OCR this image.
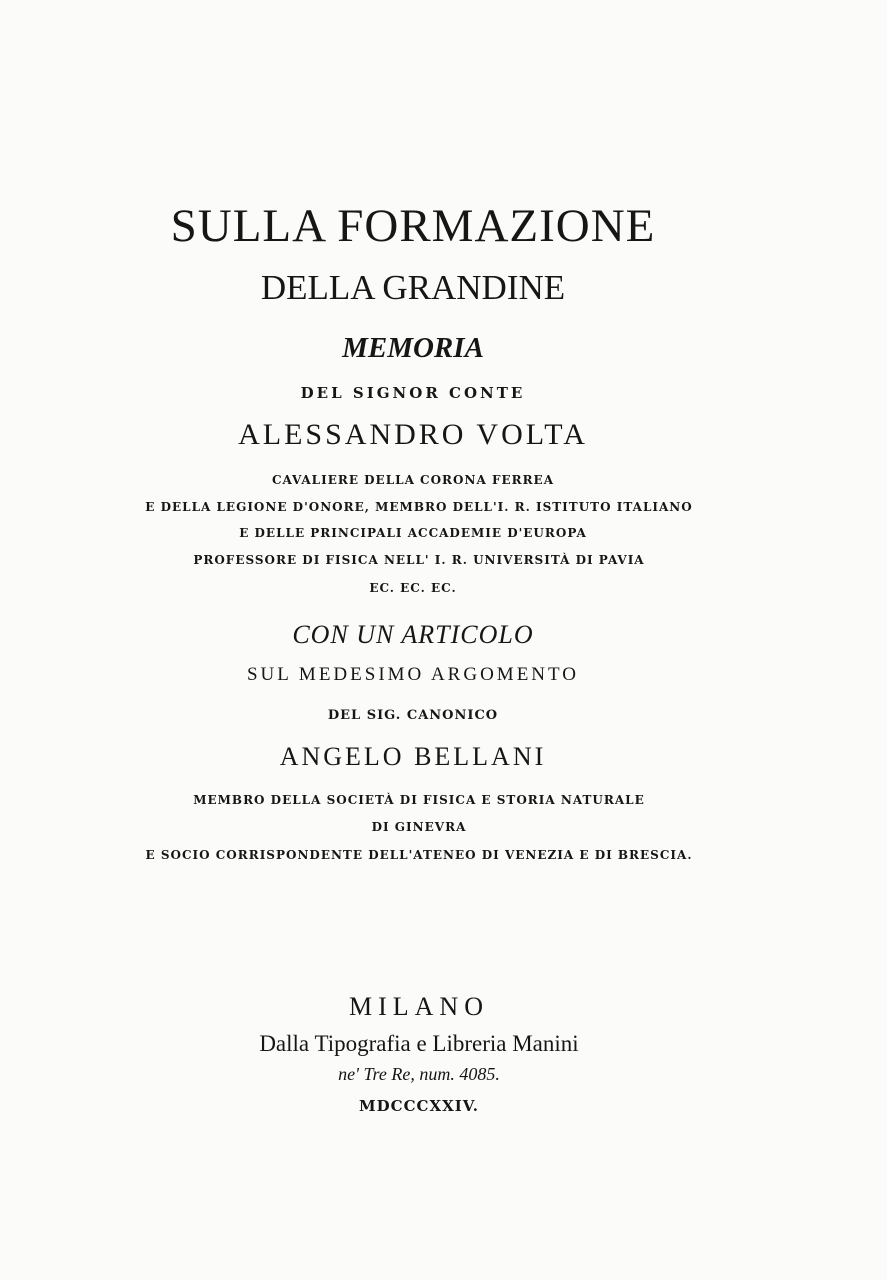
SULLA FORMAZIONE
DELLA GRANDINE
MEMORIA
DEL SIGNOR CONTE
ALESSANDRO VOLTA
CAVALIERE DELLA CORONA FERREA
E DELLA LEGIONE D'ONORE, MEMBRO DELL'I. R. ISTITUTO ITALIANO
E DELLE PRINCIPALI ACCADEMIE D'EUROPA
PROFESSORE DI FISICA NELL' I. R. UNIVERSITÀ DI PAVIA
EC. EC. EC.
CON UN ARTICOLO
SUL MEDESIMO ARGOMENTO
DEL SIG. CANONICO
ANGELO BELLANI
MEMBRO DELLA SOCIETÀ DI FISICA E STORIA NATURALE
DI GINEVRA
E SOCIO CORRISPONDENTE DELL'ATENEO DI VENEZIA E DI BRESCIA.
MILANO
Dalla Tipografia e Libreria Manini
ne' Tre Re, num. 4085.
MDCCCXXIV.
